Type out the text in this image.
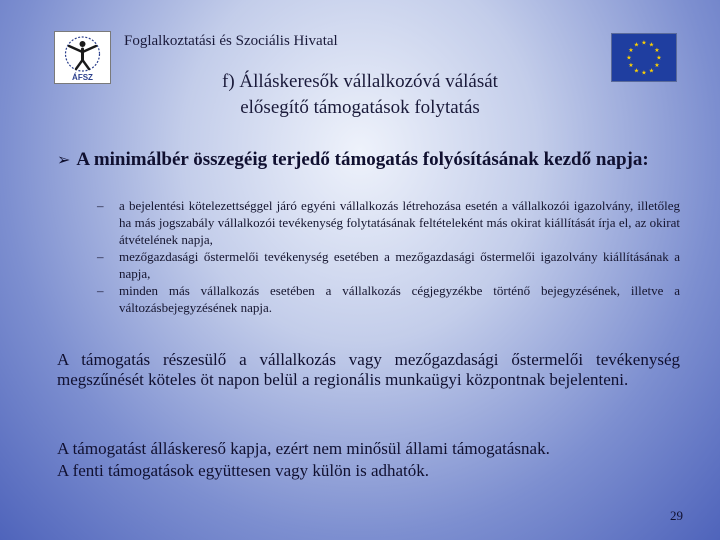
ÁFSZ
Foglalkoztatási és Szociális Hivatal	★ ★
★
★
★
★
★
★
★
★
★
★
f) Álláskeresők vállalkozóvá válását
elősegítő támogatások folytatás
➢ A minimálbér összegéig terjedő támogatás folyósításának kezdő napja:
– a bejelentési kötelezettséggel járó egyéni vállalkozás létrehozása esetén a vállalkozói igazolvány, illetőleg ha más jogszabály vállalkozói tevékenység folytatásának feltételeként más okirat kiállítását írja el, az okirat átvételének napja,
– mezőgazdasági őstermelői tevékenység esetében a mezőgazdasági őstermelői igazolvány kiállításának a napja,
– minden más vállalkozás esetében a vállalkozás cégjegyzékbe történő bejegyzésének, illetve a változásbejegyzésének napja.
A támogatás részesülő a vállalkozás vagy mezőgazdasági őstermelői tevékenység megszűnését köteles öt napon belül a regionális munkaügyi központnak bejelenteni.
A támogatást álláskereső kapja, ezért nem minősül állami támogatásnak.
A fenti támogatások együttesen vagy külön is adhatók.
29
